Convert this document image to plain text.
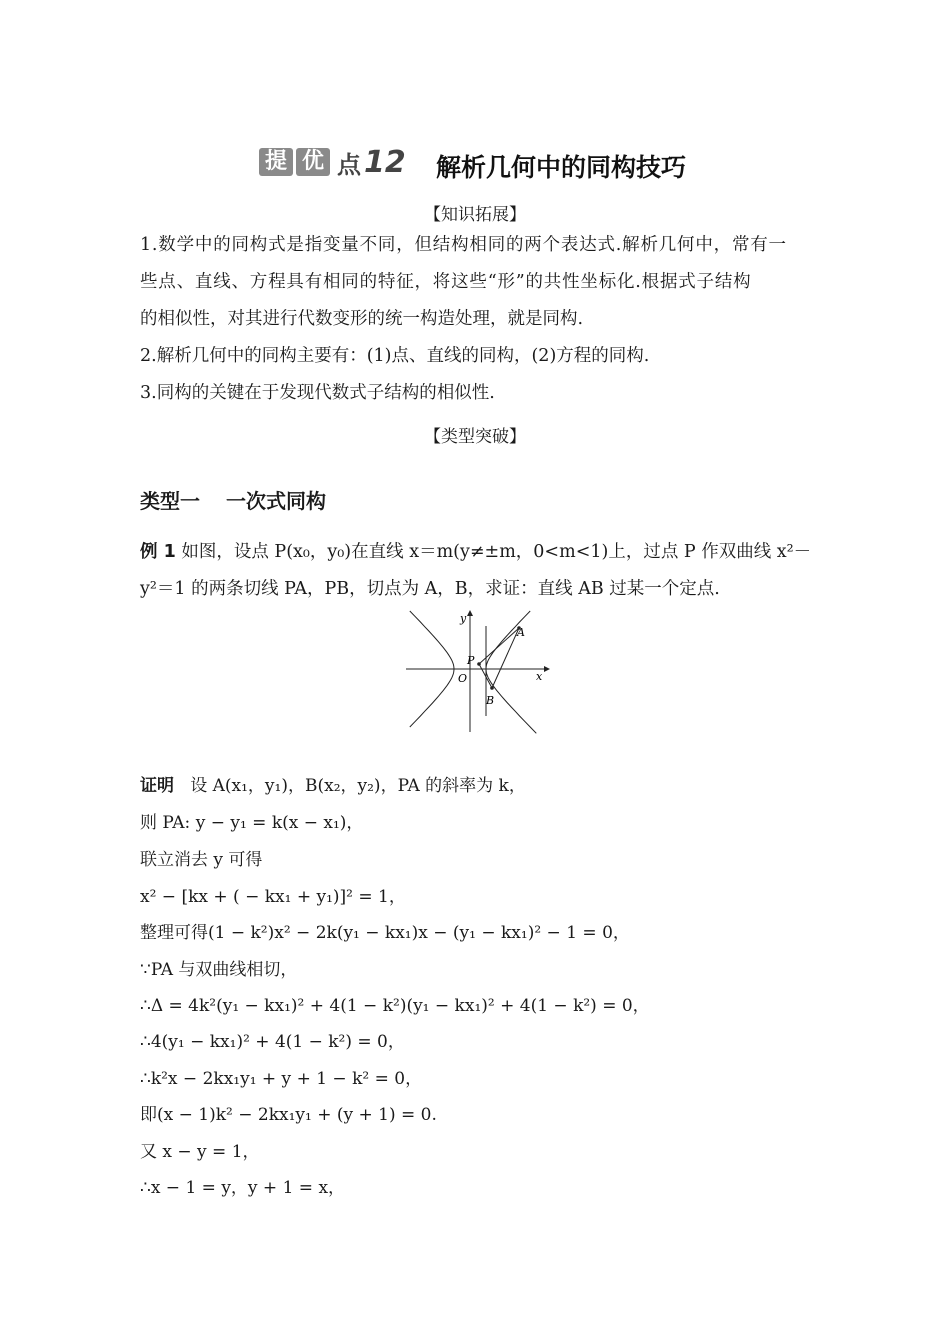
提 优 点 12 解析几何中的同构技巧
【知识拓展】
1.数学中的同构式是指变量不同，但结构相同的两个表达式.解析几何中，常有一
些点、直线、方程具有相同的特征，将这些“形”的共性坐标化.根据式子结构
的相似性，对其进行代数变形的统一构造处理，就是同构.
2.解析几何中的同构主要有：(1)点、直线的同构，(2)方程的同构.
3.同构的关键在于发现代数式子结构的相似性.
【类型突破】
类型一 一次式同构
例 1 如图，设点 P(x₀，y₀)在直线 x＝m(y≠±m，0<m<1)上，过点 P 作双曲线 x²－
y²＝1 的两条切线 PA，PB，切点为 A，B，求证：直线 AB 过某一个定点.
x
y
O
P
A
B
证明 设 A(x₁，y₁)，B(x₂，y₂)，PA 的斜率为 k，
则 PA: y − y₁ = k(x − x₁)，
联立消去 y 可得
x² − [kx + ( − kx₁ + y₁)]² = 1，
整理可得(1 − k²)x² − 2k(y₁ − kx₁)x − (y₁ − kx₁)² − 1 = 0，
∵PA 与双曲线相切，
∴Δ = 4k²(y₁ − kx₁)² + 4(1 − k²)(y₁ − kx₁)² + 4(1 − k²) = 0，
∴4(y₁ − kx₁)² + 4(1 − k²) = 0，
∴k²x − 2kx₁y₁ + y + 1 − k² = 0，
即(x − 1)k² − 2kx₁y₁ + (y + 1) = 0.
又 x − y = 1，
∴x − 1 = y，y + 1 = x，
